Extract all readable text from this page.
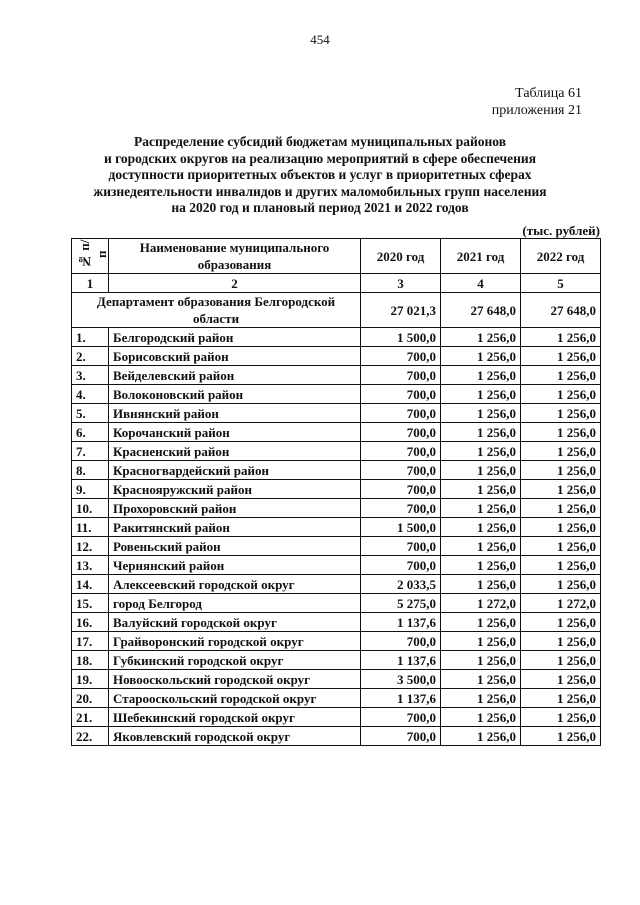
454
Таблица 61
приложения 21
Распределение субсидий бюджетам муниципальных районов
и городских округов на реализацию мероприятий в сфере обеспечения
доступности приоритетных объектов и услуг в приоритетных сферах
жизнедеятельности инвалидов и других маломобильных групп населения
на 2020 год и плановый период 2021 и 2022 годов
(тыс. рублей)
№ п/п	Наименование муниципального образования	2020 год	2021 год	2022 год
1	2	3	4	5
Департамент образования Белгородской области		27 021,3	27 648,0	27 648,0
1.	Белгородский район	1 500,0	1 256,0	1 256,0
2.	Борисовский район	700,0	1 256,0	1 256,0
3.	Вейделевский район	700,0	1 256,0	1 256,0
4.	Волоконовский район	700,0	1 256,0	1 256,0
5.	Ивнянский район	700,0	1 256,0	1 256,0
6.	Корочанский район	700,0	1 256,0	1 256,0
7.	Красненский район	700,0	1 256,0	1 256,0
8.	Красногвардейский район	700,0	1 256,0	1 256,0
9.	Краснояружский район	700,0	1 256,0	1 256,0
10.	Прохоровский район	700,0	1 256,0	1 256,0
11.	Ракитянский район	1 500,0	1 256,0	1 256,0
12.	Ровеньский район	700,0	1 256,0	1 256,0
13.	Чернянский район	700,0	1 256,0	1 256,0
14.	Алексеевский городской округ	2 033,5	1 256,0	1 256,0
15.	город Белгород	5 275,0	1 272,0	1 272,0
16.	Валуйский городской округ	1 137,6	1 256,0	1 256,0
17.	Грайворонский городской округ	700,0	1 256,0	1 256,0
18.	Губкинский городской округ	1 137,6	1 256,0	1 256,0
19.	Новооскольский городской округ	3 500,0	1 256,0	1 256,0
20.	Старооскольский городской округ	1 137,6	1 256,0	1 256,0
21.	Шебекинский городской округ	700,0	1 256,0	1 256,0
22.	Яковлевский городской округ	700,0	1 256,0	1 256,0
